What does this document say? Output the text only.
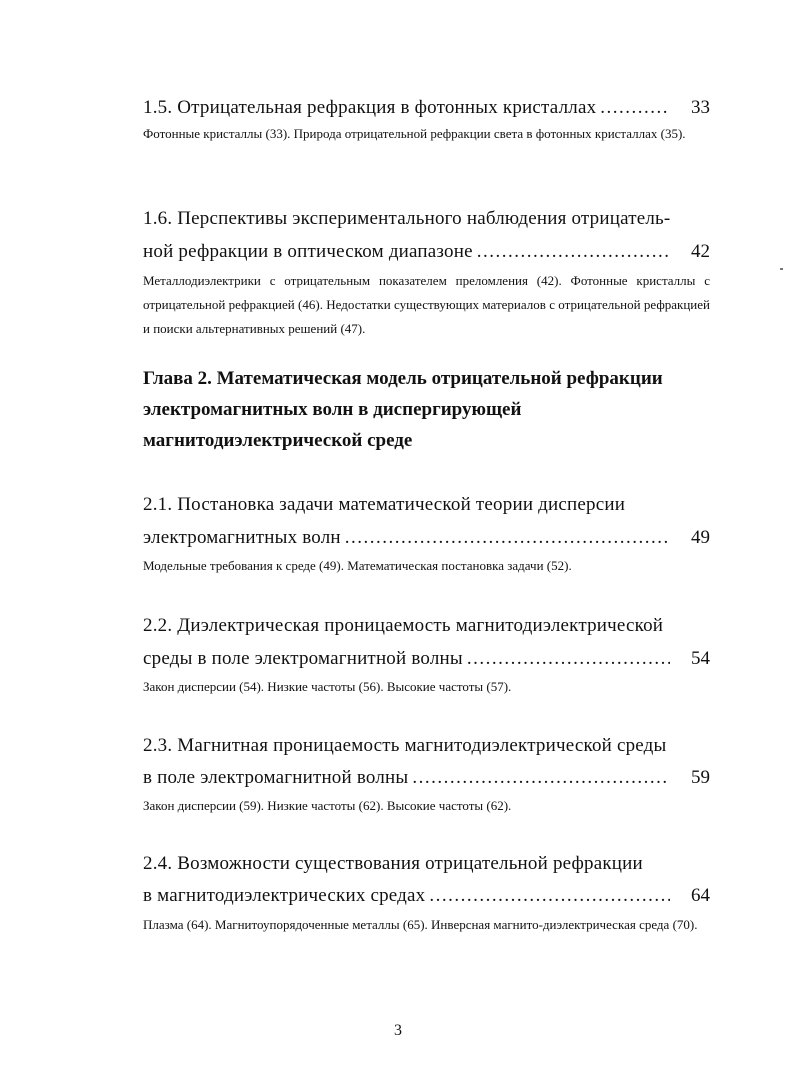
1.5. Отрицательная рефракция в фотонных кристаллах .....	33
Фотонные кристаллы (33). Природа отрицательной рефракции света в фотонных кристаллах (35).
1.6. Перспективы экспериментального наблюдения отрицатель-
ной рефракции в оптическом диапазоне .....	42
Металлодиэлектрики с отрицательным показателем преломления (42). Фотонные кристаллы с отрицательной рефракцией (46). Недостатки существующих материалов с отрицательной рефракцией и поиски альтернативных решений (47).
Глава 2. Математическая модель отрицательной рефракции
электромагнитных волн в диспергирующей
магнитодиэлектрической среде
2.1. Постановка задачи математической теории дисперсии
электромагнитных волн .....	49
Модельные требования к среде (49). Математическая постановка задачи (52).
2.2. Диэлектрическая проницаемость магнитодиэлектрической
среды в поле электромагнитной волны .....	54
Закон дисперсии (54). Низкие частоты (56). Высокие частоты (57).
2.3. Магнитная проницаемость магнитодиэлектрической среды
в поле электромагнитной волны .....	59
Закон дисперсии (59). Низкие частоты (62). Высокие частоты (62).
2.4. Возможности существования отрицательной рефракции
в магнитодиэлектрических средах .....	64
Плазма (64). Магнитоупорядоченные металлы (65). Инверсная магнито-диэлектрическая среда (70).
3
